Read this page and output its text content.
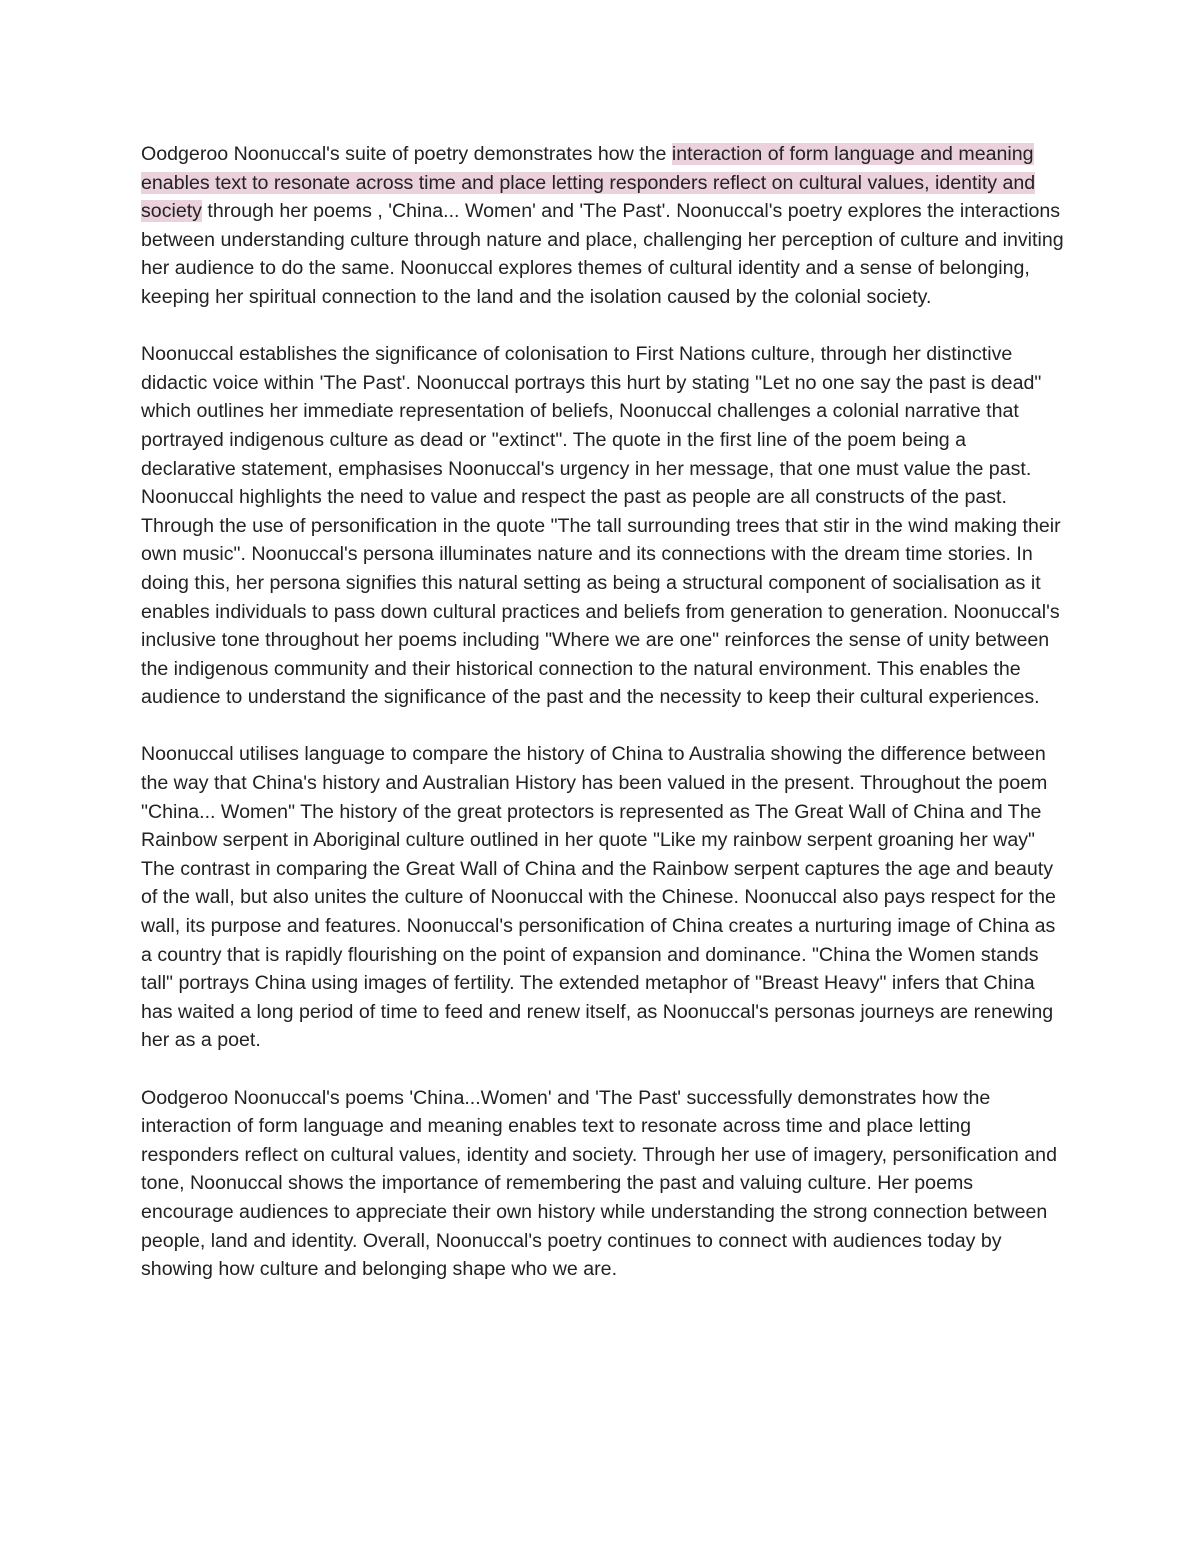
Oodgeroo Noonuccal's suite of poetry demonstrates how the interaction of form language and meaning enables text to resonate across time and place letting responders reflect on cultural values, identity and society through her poems , 'China... Women' and 'The Past'. Noonuccal's poetry explores the interactions between understanding culture through nature and place, challenging her perception of culture and inviting her audience to do the same. Noonuccal explores themes of cultural identity and a sense of belonging, keeping her spiritual connection to the land and the isolation caused by the colonial society.

Noonuccal establishes the significance of colonisation to First Nations culture, through her distinctive didactic voice within 'The Past'. Noonuccal portrays this hurt by stating "Let no one say the past is dead" which outlines her immediate representation of beliefs, Noonuccal challenges a colonial narrative that portrayed indigenous culture as dead or "extinct". The quote in the first line of the poem being a declarative statement, emphasises Noonuccal's urgency in her message, that one must value the past. Noonuccal highlights the need to value and respect the past as people are all constructs of the past. Through the use of personification in the quote "The tall surrounding trees that stir in the wind making their own music". Noonuccal's persona illuminates nature and its connections with the dream time stories. In doing this, her persona signifies this natural setting as being a structural component of socialisation as it enables individuals to pass down cultural practices and beliefs from generation to generation. Noonuccal's inclusive tone throughout her poems including "Where we are one" reinforces the sense of unity between the indigenous community and their historical connection to the natural environment. This enables the audience to understand the significance of the past and the necessity to keep their cultural experiences.

Noonuccal utilises language to compare the history of China to Australia showing the difference between the way that China's history and Australian History has been valued in the present. Throughout the poem "China... Women" The history of the great protectors is represented as The Great Wall of China and The Rainbow serpent in Aboriginal culture outlined in her quote "Like my rainbow serpent groaning her way" The contrast in comparing the Great Wall of China and the Rainbow serpent captures the age and beauty of the wall, but also unites the culture of Noonuccal with the Chinese. Noonuccal also pays respect for the wall, its purpose and features. Noonuccal's personification of China creates a nurturing image of China as a country that is rapidly flourishing on the point of expansion and dominance. "China the Women stands tall" portrays China using images of fertility. The extended metaphor of "Breast Heavy" infers that China has waited a long period of time to feed and renew itself, as Noonuccal's personas journeys are renewing her as a poet.

Oodgeroo Noonuccal's poems 'China...Women' and 'The Past' successfully demonstrates how the interaction of form language and meaning enables text to resonate across time and place letting responders reflect on cultural values, identity and society. Through her use of imagery, personification and tone, Noonuccal shows the importance of remembering the past and valuing culture. Her poems encourage audiences to appreciate their own history while understanding the strong connection between people, land and identity. Overall, Noonuccal's poetry continues to connect with audiences today by showing how culture and belonging shape who we are.
